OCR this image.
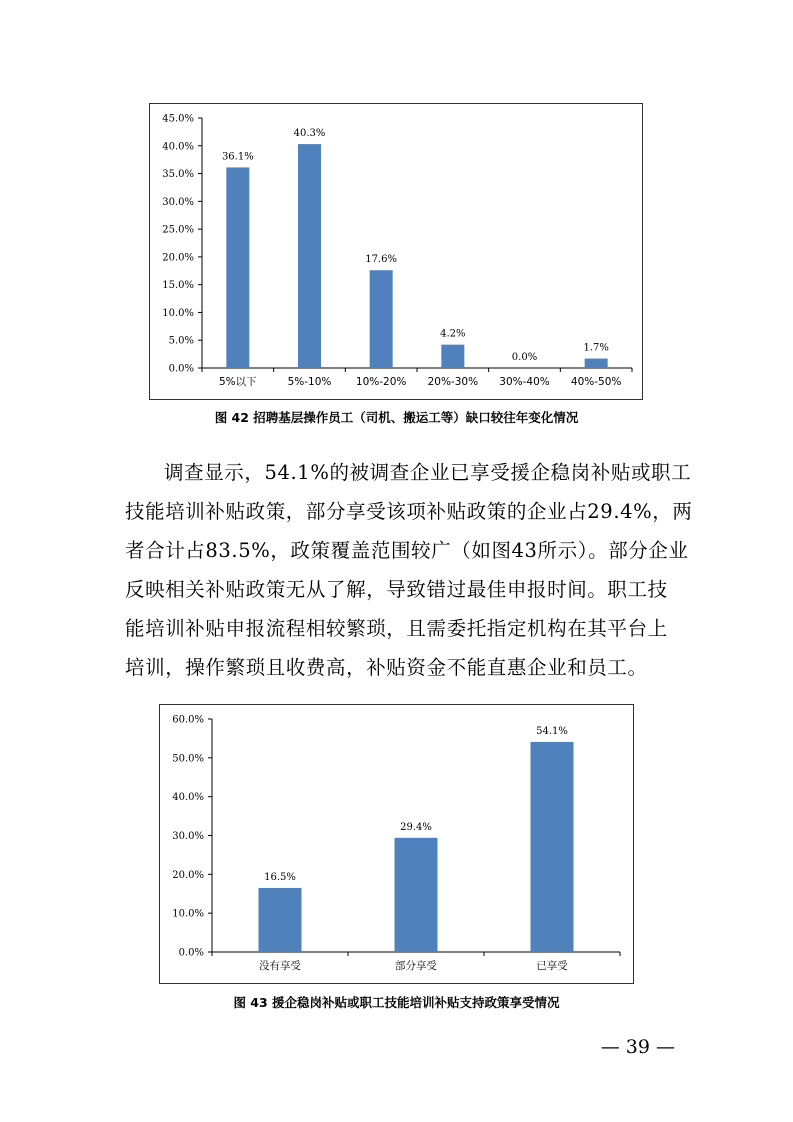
0.0%
5.0%
10.0%
15.0%
20.0%
25.0%
30.0%
35.0%
40.0%
45.0%
36.1%
5%以下
40.3%
5%-10%
17.6%
10%-20%
4.2%
20%-30%
0.0%
30%-40%
1.7%
40%-50%
图 42 招聘基层操作员工（司机、搬运工等）缺口较往年变化情况
调查显示，54.1%的被调查企业已享受援企稳岗补贴或职工
技能培训补贴政策，部分享受该项补贴政策的企业占29.4%，两
者合计占83.5%，政策覆盖范围较广（如图43所示）。部分企业
反映相关补贴政策无从了解，导致错过最佳申报时间。职工技
能培训补贴申报流程相较繁琐，且需委托指定机构在其平台上
培训，操作繁琐且收费高，补贴资金不能直惠企业和员工。
0.0%
10.0%
20.0%
30.0%
40.0%
50.0%
60.0%
16.5%
没有享受
29.4%
部分享受
54.1%
已享受
图 43 援企稳岗补贴或职工技能培训补贴支持政策享受情况
— 39 —
